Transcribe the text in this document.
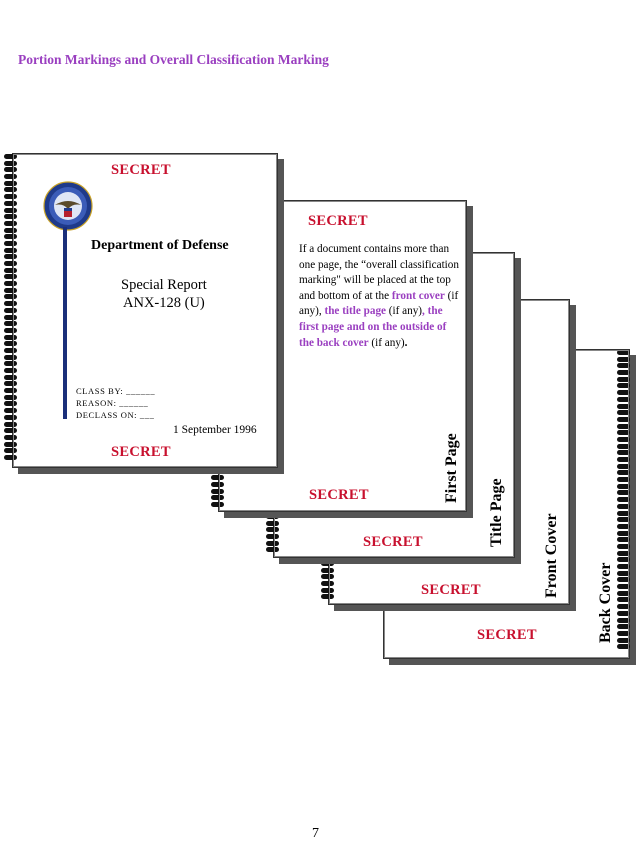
Portion Markings and Overall Classification Marking
SECRET	Back Cover
SECRET	Front Cover
SECRET	Title Page
SECRET
If a document contains more than one page, the “overall classification marking" will be placed at the top and bottom of at the front cover (if any), the title page (if any), the first page and on the outside of the back cover (if any).
SECRET	First Page
SECRET
Department of Defense
Special Report
ANX-128 (U)
CLASS BY: ______
REASON: ______
DECLASS ON: ___
1 September 1996
SECRET
7
